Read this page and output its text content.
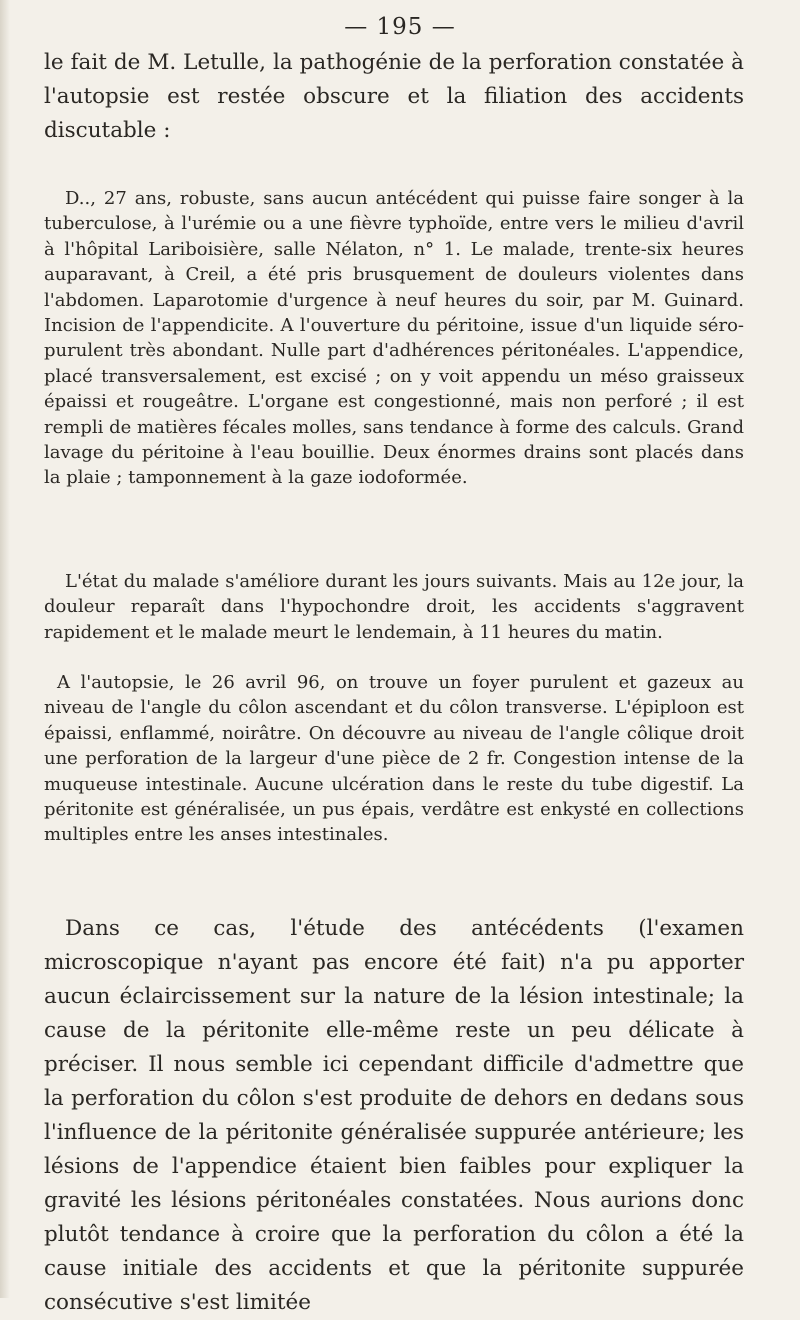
— 195 —

le fait de M. Letulle, la pathogénie de la perforation constatée à l'autopsie est restée obscure et la filiation des accidents discutable :

D.., 27 ans, robuste, sans aucun antécédent qui puisse faire songer à la tuberculose, à l'urémie ou a une fièvre typhoïde, entre vers le milieu d'avril à l'hôpital Lariboisière, salle Nélaton, n° 1. Le malade, trente-six heures auparavant, à Creil, a été pris brusquement de douleurs violentes dans l'abdomen. Laparotomie d'urgence à neuf heures du soir, par M. Guinard. Incision de l'appendicite. A l'ouverture du péritoine, issue d'un liquide séro-purulent très abondant. Nulle part d'adhérences péritonéales. L'appendice, placé transversalement, est excisé ; on y voit appendu un méso graisseux épaissi et rougeâtre. L'organe est congestionné, mais non perforé ; il est rempli de matières fécales molles, sans tendance à forme des calculs. Grand lavage du péritoine à l'eau bouillie. Deux énormes drains sont placés dans la plaie ; tamponnement à la gaze iodoformée.

L'état du malade s'améliore durant les jours suivants. Mais au 12e jour, la douleur reparaît dans l'hypochondre droit, les accidents s'aggravent rapidement et le malade meurt le lendemain, à 11 heures du matin.

A l'autopsie, le 26 avril 96, on trouve un foyer purulent et gazeux au niveau de l'angle du côlon ascendant et du côlon transverse. L'épiploon est épaissi, enflammé, noirâtre. On découvre au niveau de l'angle côlique droit une perforation de la largeur d'une pièce de 2 fr. Congestion intense de la muqueuse intestinale. Aucune ulcération dans le reste du tube digestif. La péritonite est généralisée, un pus épais, verdâtre est enkysté en collections multiples entre les anses intestinales.

Dans ce cas, l'étude des antécédents (l'examen microscopique n'ayant pas encore été fait) n'a pu apporter aucun éclaircissement sur la nature de la lésion intestinale; la cause de la péritonite elle-même reste un peu délicate à préciser. Il nous semble ici cependant difficile d'admettre que la perforation du côlon s'est produite de dehors en dedans sous l'influence de la péritonite généralisée suppurée antérieure; les lésions de l'appendice étaient bien faibles pour expliquer la gravité les lésions péritonéales constatées. Nous aurions donc plutôt tendance à croire que la perforation du côlon a été la cause initiale des accidents et que la péritonite suppurée consécutive s'est limitée
